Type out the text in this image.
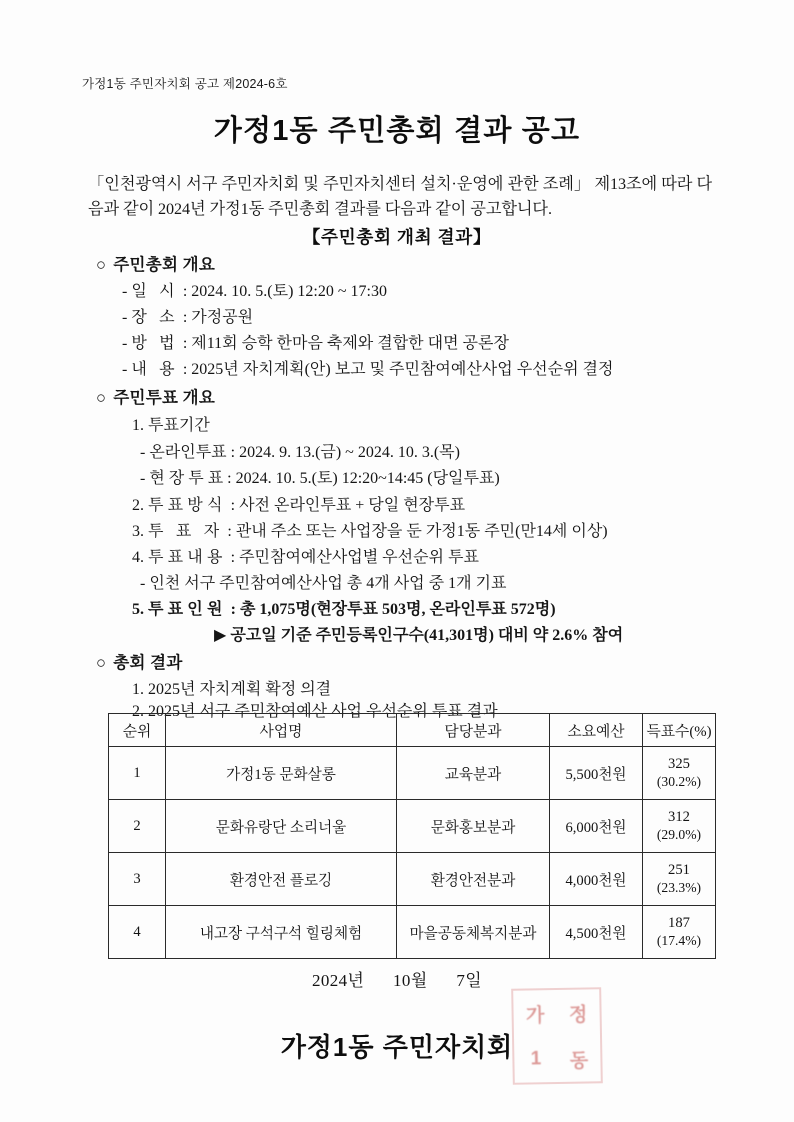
가정1동 주민자치회 공고 제2024-6호
가정1동 주민총회 결과 공고
「인천광역시 서구 주민자치회 및 주민자치센터 설치·운영에 관한 조례」 제13조에 따라 다음과 같이 2024년 가정1동 주민총회 결과를 다음과 같이 공고합니다.
【주민총회 개최 결과】
○ 주민총회 개요
- 일 시 : 2024. 10. 5.(토) 12:20 ~ 17:30
- 장 소 : 가정공원
- 방 법 : 제11회 승학 한마음 축제와 결합한 대면 공론장
- 내 용 : 2025년 자치계획(안) 보고 및 주민참여예산사업 우선순위 결정
○ 주민투표 개요
1. 투표기간
- 온라인투표 : 2024. 9. 13.(금) ~ 2024. 10. 3.(목)
- 현 장 투 표 : 2024. 10. 5.(토) 12:20~14:45 (당일투표)
2. 투표방식 : 사전 온라인투표 + 당일 현장투표
3. 투 표 자 : 관내 주소 또는 사업장을 둔 가정1동 주민(만14세 이상)
4. 투표내용 : 주민참여예산사업별 우선순위 투표
- 인천 서구 주민참여예산사업 총 4개 사업 중 1개 기표
5. 투표인원 : 총 1,075명(현장투표 503명, 온라인투표 572명)
▶ 공고일 기준 주민등록인구수(41,301명) 대비 약 2.6% 참여
○ 총회 결과
1. 2025년 자치계획 확정 의결
2. 2025년 서구 주민참여예산 사업 우선순위 투표 결과
순위	사업명	담당분과	소요예산	득표수(%)
1	가정1동 문화살롱	교육분과	5,500천원	325
(30.2%)

2	문화유랑단 소리너울	문화홍보분과	6,000천원	312
(29.0%)

3	환경안전 플로깅	환경안전분과	4,000천원	251
(23.3%)

4	내고장 구석구석 힐링체험	마을공동체복지분과	4,500천원	187
(17.4%)
2024년 10월 7일
가정1동 주민자치회
가	정
1	동
